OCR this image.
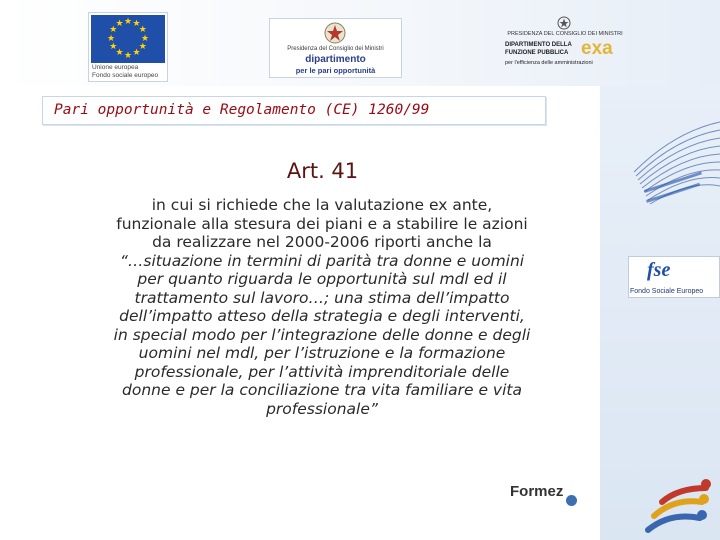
★ ★
★
★
★
★
★
★
★
★
★
★
Unione europea
Fondo sociale europeo
Presidenza del Consiglio dei Ministri
dipartimento
per le pari opportunità
PRESIDENZA DEL CONSIGLIO DEI MINISTRI
DIPARTIMENTO DELLA FUNZIONE PUBBLICA exa
per l'efficienza delle amministrazioni
Pari opportunità e Regolamento (CE) 1260/99
Art. 41
in cui si richiede che la valutazione ex ante,
funzionale alla stesura dei piani e a stabilire le azioni
da realizzare nel 2000-2006 riporti anche la
“…situazione in termini di parità tra donne e uomini
per quanto riguarda le opportunità sul mdl ed il
trattamento sul lavoro…; una stima dell’impatto
dell’impatto atteso della strategia e degli interventi,
in special modo per l’integrazione delle donne e degli
uomini nel mdl, per l’istruzione e la formazione
professionale, per l’attività imprenditoriale delle
donne e per la conciliazione tra vita familiare e vita
professionale”
fse
Fondo Sociale Europeo
Formez
